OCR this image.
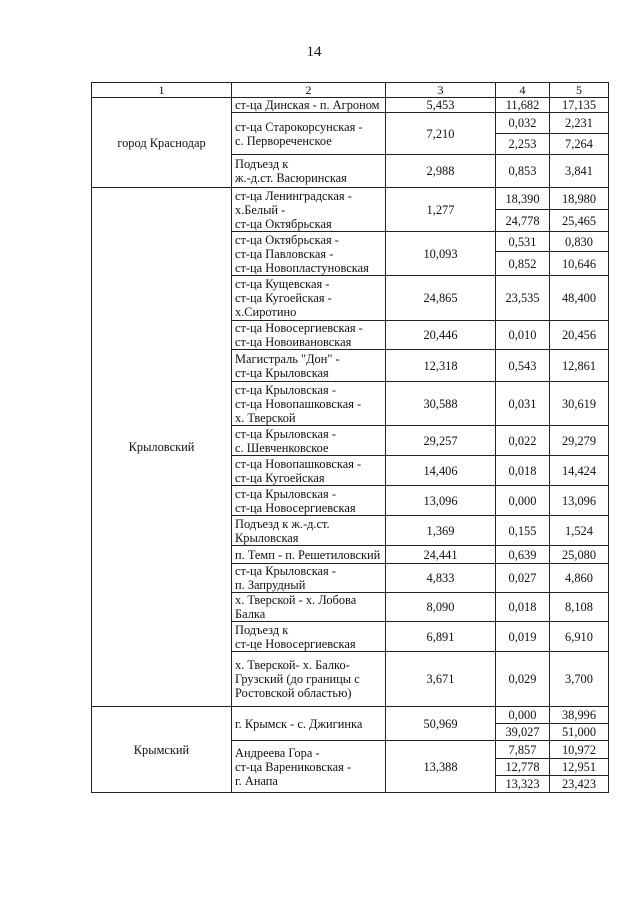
14
1	2	3	4	5
город Краснодар	ст-ца Динская - п. Агроном	5,453	11,682	17,135
	ст-ца Старокорсунская -
с. Первореченское	7,210	0,032	2,231
			2,253	7,264
	Подъезд к
ж.-д.ст. Васюринская	2,988	0,853	3,841
Крыловский	ст-ца Ленинградская -
х.Белый -
ст-ца Октябрьская	1,277	18,390	18,980
			24,778	25,465
	ст-ца Октябрьская -
ст-ца Павловская -
ст-ца Новопластуновская	10,093	0,531	0,830
			0,852	10,646
	ст-ца Кущевская -
ст-ца Кугоейская -
х.Сиротино	24,865	23,535	48,400
	ст-ца Новосергиевская -
ст-ца Новоивановская	20,446	0,010	20,456
	Магистраль "Дон" -
ст-ца Крыловская	12,318	0,543	12,861
	ст-ца Крыловская -
ст-ца Новопашковская -
х. Тверской	30,588	0,031	30,619
	ст-ца Крыловская -
с. Шевченковское	29,257	0,022	29,279
	ст-ца Новопашковская -
ст-ца Кугоейская	14,406	0,018	14,424
	ст-ца Крыловская -
ст-ца Новосергиевская	13,096	0,000	13,096
	Подъезд к ж.-д.ст.
Крыловская	1,369	0,155	1,524
	п. Темп - п. Решетиловский	24,441	0,639	25,080
	ст-ца Крыловская -
п. Запрудный	4,833	0,027	4,860
	х. Тверской - х. Лобова
Балка	8,090	0,018	8,108
	Подъезд к
ст-це Новосергиевская	6,891	0,019	6,910
	х. Тверской- х. Балко-
Грузский (до границы с
Ростовской областью)	3,671	0,029	3,700
Крымский	г. Крымск - с. Джигинка	50,969	0,000	38,996
			39,027	51,000
	Андреева Гора -
ст-ца Варениковская -
г. Анапа	13,388	7,857	10,972
			12,778	12,951
			13,323	23,423
